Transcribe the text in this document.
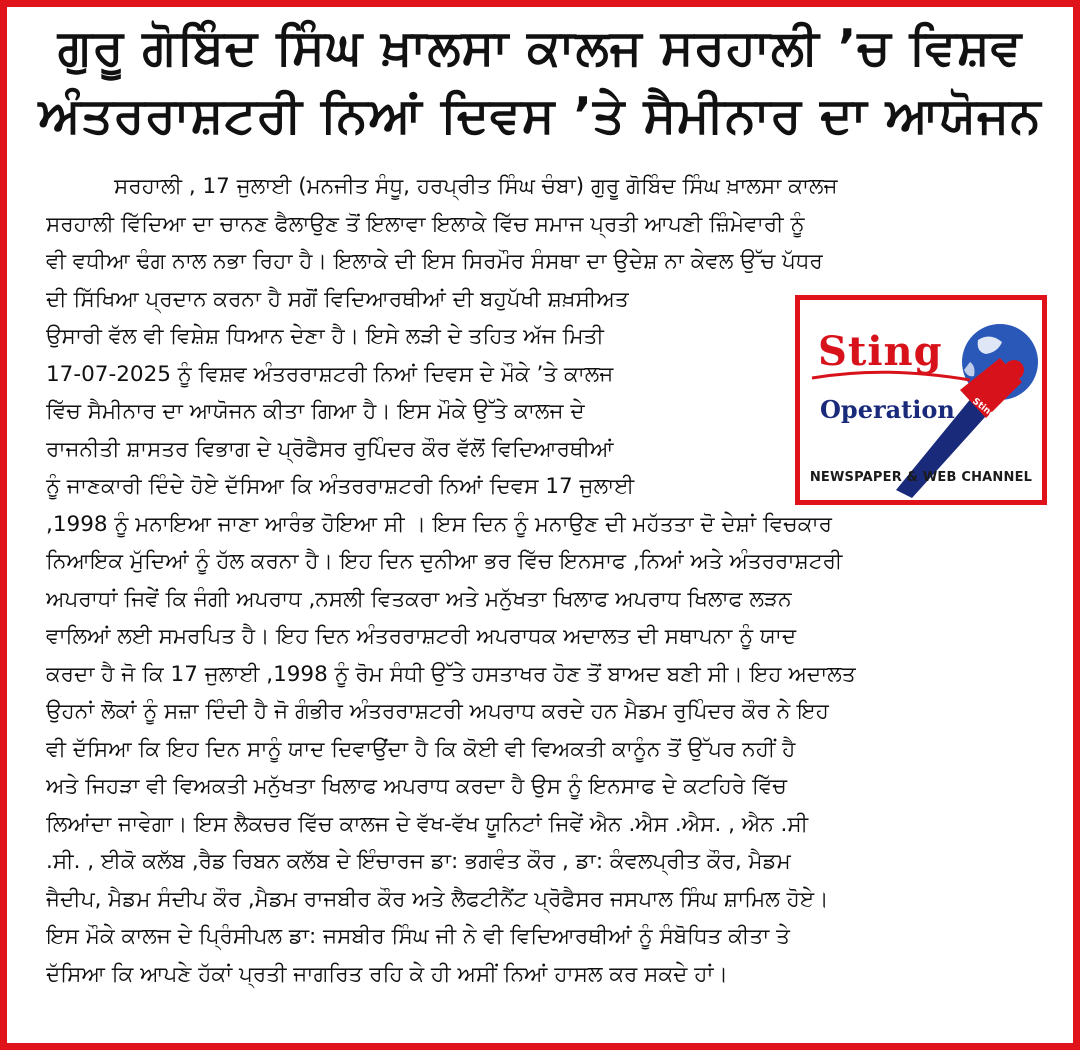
ਗੁਰੂ ਗੋਬਿੰਦ ਸਿੰਘ ਖ਼ਾਲਸਾ ਕਾਲਜ ਸਰਹਾਲੀ ’ਚ ਵਿਸ਼ਵ
ਅੰਤਰਰਾਸ਼ਟਰੀ ਨਿਆਂ ਦਿਵਸ ’ਤੇ ਸੈਮੀਨਾਰ ਦਾ ਆਯੋਜਨ
ਸਰਹਾਲੀ , 17 ਜੁਲਾਈ (ਮਨਜੀਤ ਸੰਧੂ, ਹਰਪ੍ਰੀਤ ਸਿੰਘ ਚੰਬਾ) ਗੁਰੂ ਗੋਬਿੰਦ ਸਿੰਘ ਖ਼ਾਲਸਾ ਕਾਲਜ
ਸਰਹਾਲੀ ਵਿੱਦਿਆ ਦਾ ਚਾਨਣ ਫੈਲਾਉਣ ਤੋਂ ਇਲਾਵਾ ਇਲਾਕੇ ਵਿੱਚ ਸਮਾਜ ਪ੍ਰਤੀ ਆਪਣੀ ਜ਼ਿੰਮੇਵਾਰੀ ਨੂੰ
ਵੀ ਵਧੀਆ ਢੰਗ ਨਾਲ ਨਭਾ ਰਿਹਾ ਹੈ। ਇਲਾਕੇ ਦੀ ਇਸ ਸਿਰਮੌਰ ਸੰਸਥਾ ਦਾ ਉਦੇਸ਼ ਨਾ ਕੇਵਲ ਉੱਚ ਪੱਧਰ
ਦੀ ਸਿੱਖਿਆ ਪ੍ਰਦਾਨ ਕਰਨਾ ਹੈ ਸਗੋਂ ਵਿਦਿਆਰਥੀਆਂ ਦੀ ਬਹੁਪੱਖੀ ਸ਼ਖ਼ਸੀਅਤ
ਉਸਾਰੀ ਵੱਲ ਵੀ ਵਿਸ਼ੇਸ਼ ਧਿਆਨ ਦੇਣਾ ਹੈ। ਇਸੇ ਲੜੀ ਦੇ ਤਹਿਤ ਅੱਜ ਮਿਤੀ
17-07-2025 ਨੂੰ ਵਿਸ਼ਵ ਅੰਤਰਰਾਸ਼ਟਰੀ ਨਿਆਂ ਦਿਵਸ ਦੇ ਮੌਕੇ ’ਤੇ ਕਾਲਜ
ਵਿੱਚ ਸੈਮੀਨਾਰ ਦਾ ਆਯੋਜਨ ਕੀਤਾ ਗਿਆ ਹੈ। ਇਸ ਮੌਕੇ ਉੱਤੇ ਕਾਲਜ ਦੇ
ਰਾਜਨੀਤੀ ਸ਼ਾਸਤਰ ਵਿਭਾਗ ਦੇ ਪ੍ਰੋਫੈਸਰ ਰੁਪਿੰਦਰ ਕੌਰ ਵੱਲੋਂ ਵਿਦਿਆਰਥੀਆਂ
ਨੂੰ ਜਾਣਕਾਰੀ ਦਿੰਦੇ ਹੋਏ ਦੱਸਿਆ ਕਿ ਅੰਤਰਰਾਸ਼ਟਰੀ ਨਿਆਂ ਦਿਵਸ 17 ਜੁਲਾਈ
,1998 ਨੂੰ ਮਨਾਇਆ ਜਾਣਾ ਆਰੰਭ ਹੋਇਆ ਸੀ । ਇਸ ਦਿਨ ਨੂੰ ਮਨਾਉਣ ਦੀ ਮਹੱਤਤਾ ਦੋ ਦੇਸ਼ਾਂ ਵਿਚਕਾਰ
ਨਿਆਇਕ ਮੁੱਦਿਆਂ ਨੂੰ ਹੱਲ ਕਰਨਾ ਹੈ। ਇਹ ਦਿਨ ਦੁਨੀਆ ਭਰ ਵਿੱਚ ਇਨਸਾਫ ,ਨਿਆਂ ਅਤੇ ਅੰਤਰਰਾਸ਼ਟਰੀ
ਅਪਰਾਧਾਂ ਜਿਵੇਂ ਕਿ ਜੰਗੀ ਅਪਰਾਧ ,ਨਸਲੀ ਵਿਤਕਰਾ ਅਤੇ ਮਨੁੱਖਤਾ ਖਿਲਾਫ ਅਪਰਾਧ ਖਿਲਾਫ ਲੜਨ
ਵਾਲਿਆਂ ਲਈ ਸਮਰਪਿਤ ਹੈ। ਇਹ ਦਿਨ ਅੰਤਰਰਾਸ਼ਟਰੀ ਅਪਰਾਧਕ ਅਦਾਲਤ ਦੀ ਸਥਾਪਨਾ ਨੂੰ ਯਾਦ
ਕਰਦਾ ਹੈ ਜੋ ਕਿ 17 ਜੁਲਾਈ ,1998 ਨੂੰ ਰੋਮ ਸੰਧੀ ਉੱਤੇ ਹਸਤਾਖਰ ਹੋਣ ਤੋਂ ਬਾਅਦ ਬਣੀ ਸੀ। ਇਹ ਅਦਾਲਤ
ਉਹਨਾਂ ਲੋਕਾਂ ਨੂੰ ਸਜ਼ਾ ਦਿੰਦੀ ਹੈ ਜੋ ਗੰਭੀਰ ਅੰਤਰਰਾਸ਼ਟਰੀ ਅਪਰਾਧ ਕਰਦੇ ਹਨ ਮੈਡਮ ਰੁਪਿੰਦਰ ਕੌਰ ਨੇ ਇਹ
ਵੀ ਦੱਸਿਆ ਕਿ ਇਹ ਦਿਨ ਸਾਨੂੰ ਯਾਦ ਦਿਵਾਉਂਦਾ ਹੈ ਕਿ ਕੋਈ ਵੀ ਵਿਅਕਤੀ ਕਾਨੂੰਨ ਤੋਂ ਉੱਪਰ ਨਹੀਂ ਹੈ
ਅਤੇ ਜਿਹੜਾ ਵੀ ਵਿਅਕਤੀ ਮਨੁੱਖਤਾ ਖਿਲਾਫ ਅਪਰਾਧ ਕਰਦਾ ਹੈ ਉਸ ਨੂੰ ਇਨਸਾਫ ਦੇ ਕਟਹਿਰੇ ਵਿੱਚ
ਲਿਆਂਦਾ ਜਾਵੇਗਾ। ਇਸ ਲੈਕਚਰ ਵਿੱਚ ਕਾਲਜ ਦੇ ਵੱਖ-ਵੱਖ ਯੂਨਿਟਾਂ ਜਿਵੇਂ ਐਨ .ਐਸ .ਐਸ. , ਐਨ .ਸੀ
.ਸੀ. , ਈਕੋ ਕਲੱਬ ,ਰੈਡ ਰਿਬਨ ਕਲੱਬ ਦੇ ਇੰਚਾਰਜ ਡਾ: ਭਗਵੰਤ ਕੌਰ , ਡਾ: ਕੰਵਲਪ੍ਰੀਤ ਕੌਰ, ਮੈਡਮ
ਜੈਦੀਪ, ਮੈਡਮ ਸੰਦੀਪ ਕੌਰ ,ਮੈਡਮ ਰਾਜਬੀਰ ਕੌਰ ਅਤੇ ਲੈਫਟੀਨੈਂਟ ਪ੍ਰੋਫੈਸਰ ਜਸਪਾਲ ਸਿੰਘ ਸ਼ਾਮਿਲ ਹੋਏ।
ਇਸ ਮੌਕੇ ਕਾਲਜ ਦੇ ਪ੍ਰਿੰਸੀਪਲ ਡਾ: ਜਸਬੀਰ ਸਿੰਘ ਜੀ ਨੇ ਵੀ ਵਿਦਿਆਰਥੀਆਂ ਨੂੰ ਸੰਬੋਧਿਤ ਕੀਤਾ ਤੇ
ਦੱਸਿਆ ਕਿ ਆਪਣੇ ਹੱਕਾਂ ਪ੍ਰਤੀ ਜਾਗਰਿਤ ਰਹਿ ਕੇ ਹੀ ਅਸੀਂ ਨਿਆਂ ਹਾਸਲ ਕਰ ਸਕਦੇ ਹਾਂ।
Sting
Operation Sting Operation
NEWSPAPER & WEB CHANNEL
